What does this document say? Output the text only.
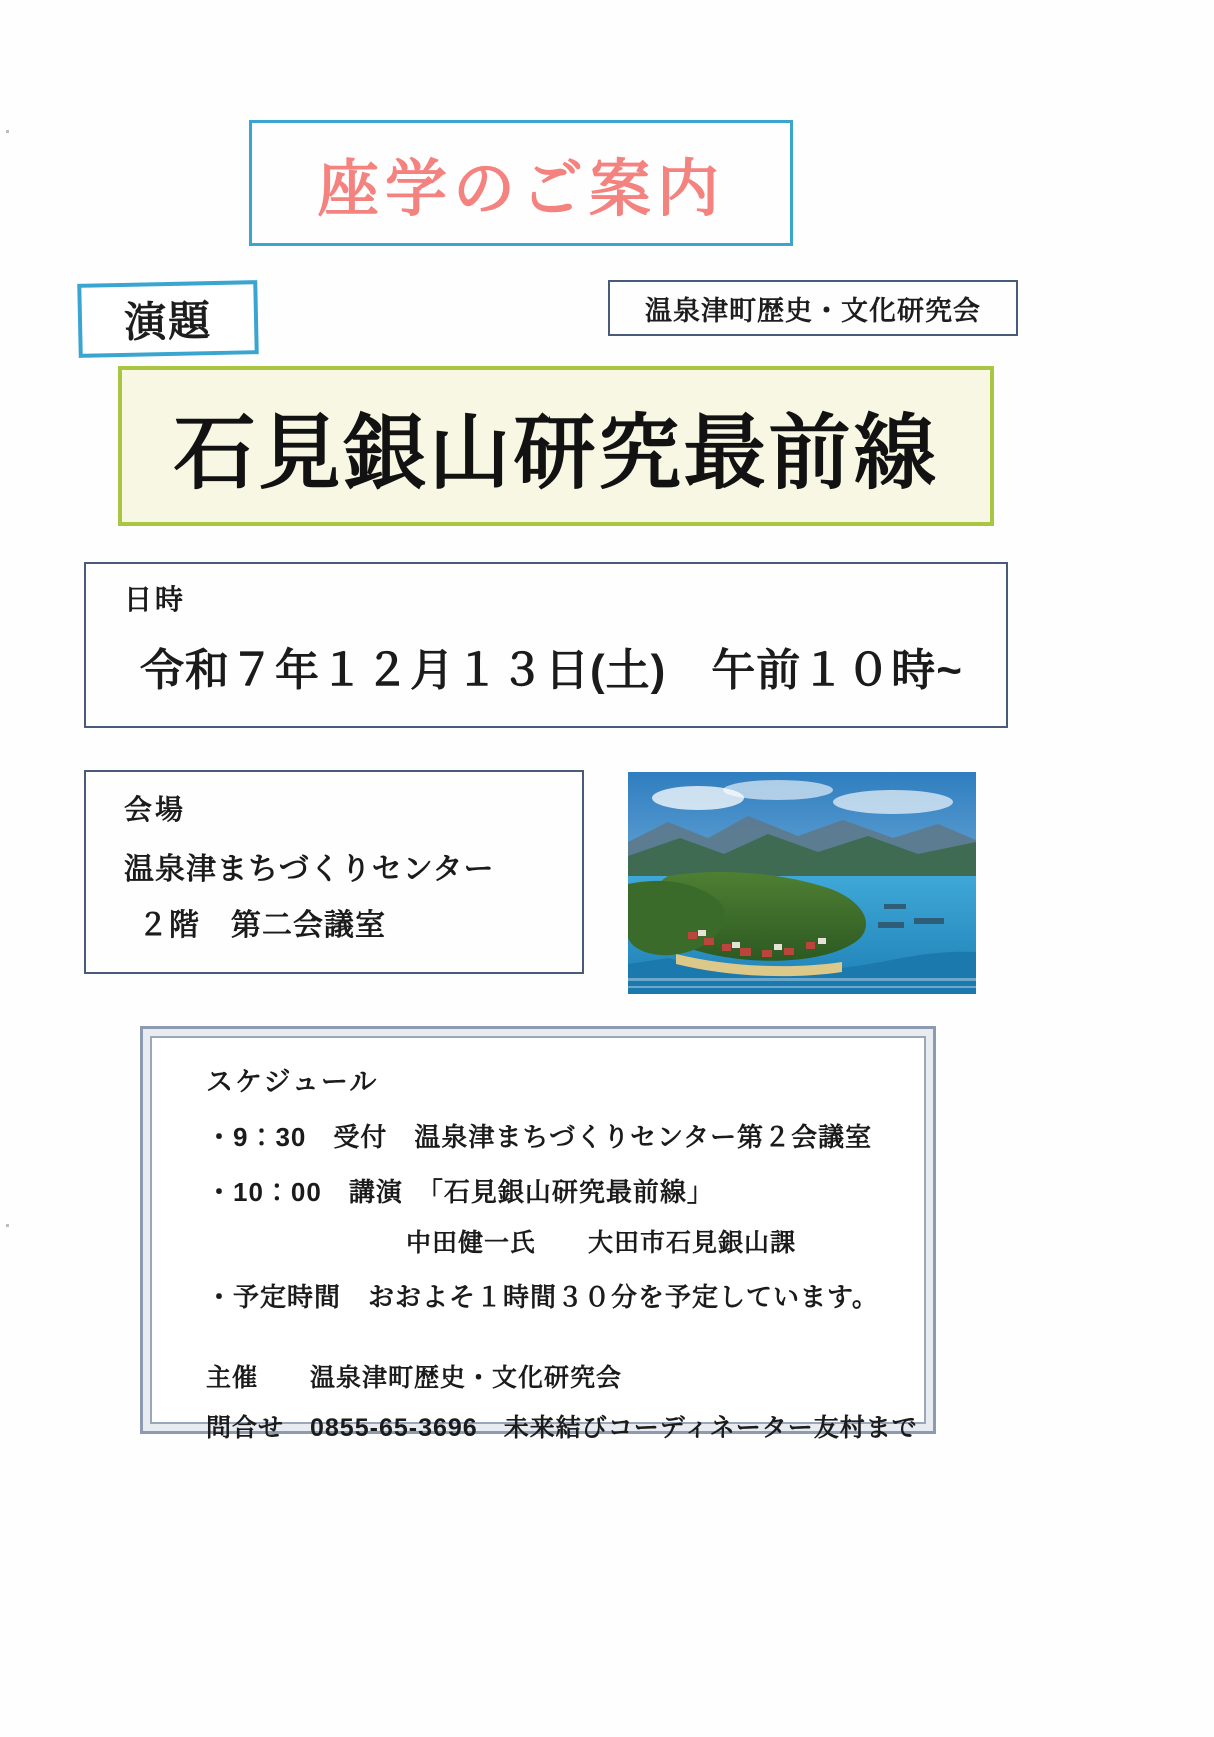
座学のご案内
温泉津町歴史・文化研究会
演題
石見銀山研究最前線
日時
令和７年１２月１３日(土)　午前１０時~
会場
温泉津まちづくりセンター
２階　第二会議室
スケジュール
・9：30　受付　温泉津まちづくりセンター第２会議室
・10：00　講演　「石見銀山研究最前線」
中田健一氏　　大田市石見銀山課
・予定時間　おおよそ１時間３０分を予定しています。
主催　　温泉津町歴史・文化研究会
問合せ　0855-65-3696　未来結びコーディネーター友村まで
